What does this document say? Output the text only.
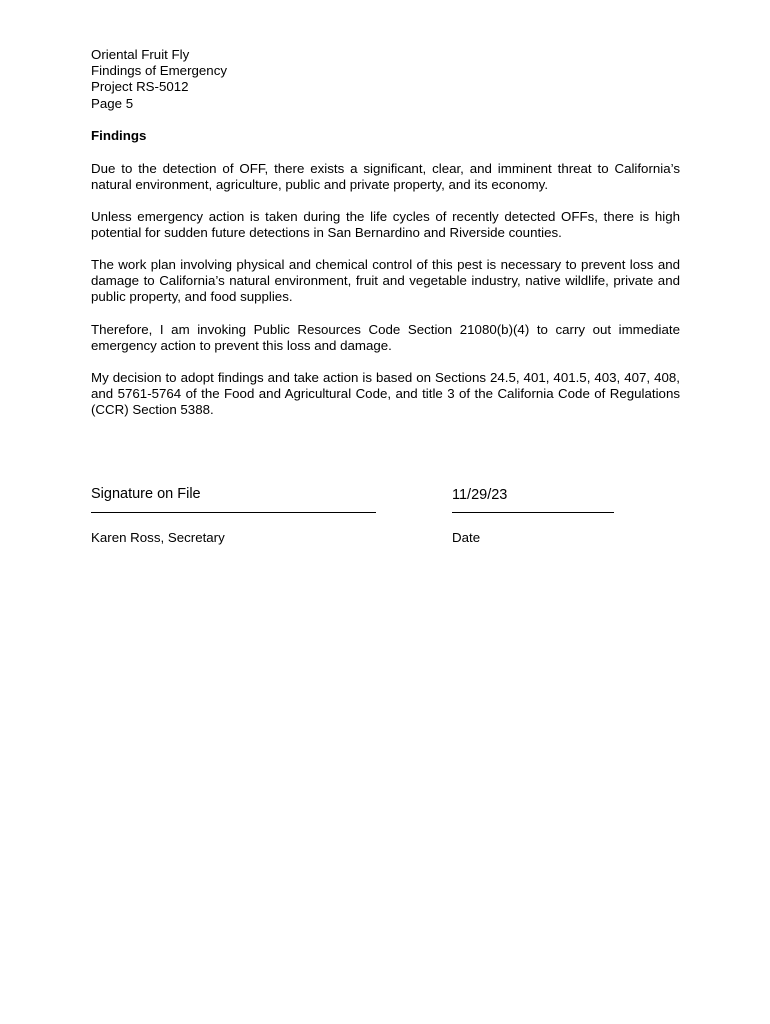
Oriental Fruit Fly
Findings of Emergency
Project RS-5012
Page 5
Findings

Due to the detection of OFF, there exists a significant, clear, and imminent threat to California’s natural environment, agriculture, public and private property, and its economy.

Unless emergency action is taken during the life cycles of recently detected OFFs, there is high potential for sudden future detections in San Bernardino and Riverside counties.

The work plan involving physical and chemical control of this pest is necessary to prevent loss and damage to California’s natural environment, fruit and vegetable industry, native wildlife, private and public property, and food supplies.

Therefore, I am invoking Public Resources Code Section 21080(b)(4) to carry out immediate emergency action to prevent this loss and damage.

My decision to adopt findings and take action is based on Sections 24.5, 401, 401.5, 403, 407, 408, and 5761-5764 of the Food and Agricultural Code, and title 3 of the California Code of Regulations (CCR) Section 5388.

Signature on File
Karen Ross, Secretary
11/29/23
Date
